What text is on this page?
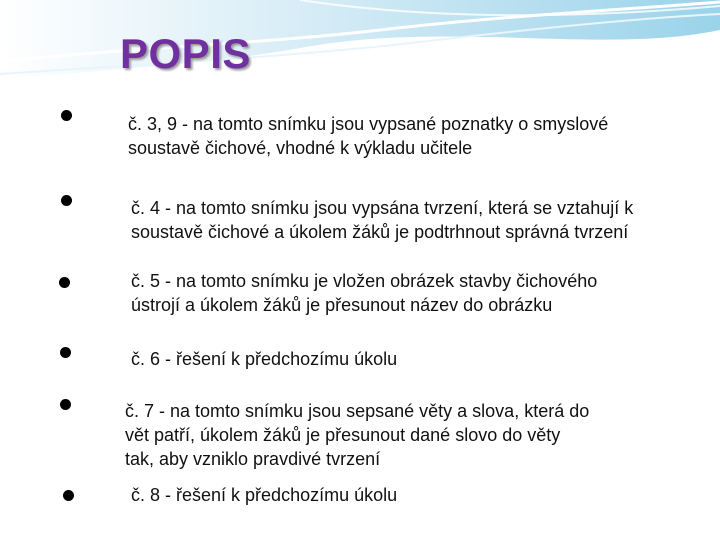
POPIS
č. 3, 9 - na tomto snímku jsou vypsané poznatky o smyslové
soustavě čichové, vhodné k výkladu učitele
č. 4 - na tomto snímku jsou vypsána tvrzení, která se vztahují k
soustavě čichové a úkolem žáků je podtrhnout správná tvrzení
č. 5 - na tomto snímku je vložen obrázek stavby čichového
ústrojí a úkolem žáků je přesunout název do obrázku
č. 6 - řešení k předchozímu úkolu
č. 7 - na tomto snímku jsou sepsané věty a slova, která do
vět patří, úkolem žáků je přesunout dané slovo do věty
tak, aby vzniklo pravdivé tvrzení
č. 8 - řešení k předchozímu úkolu
